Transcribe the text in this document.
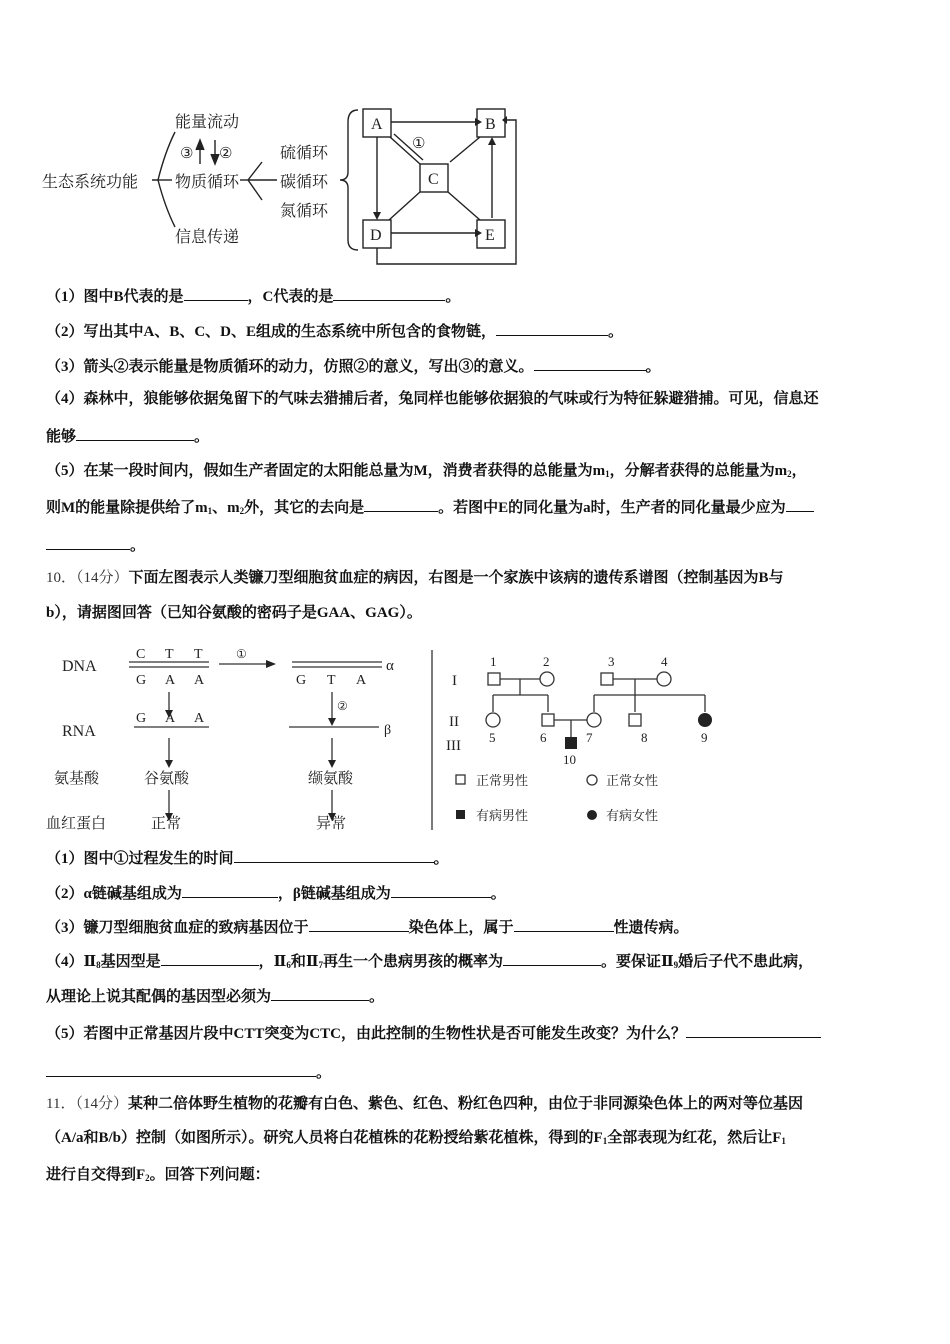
生态系统功能
能量流动
物质循环
信息传递
③ ②	硫循环
碳循环
氮循环
A	B
C
D	E
①
（1）图中B代表的是	，C代表的是	。
（2）写出其中A、B、C、D、E组成的生态系统中所包含的食物链，	。
（3）箭头②表示能量是物质循环的动力，仿照②的意义，写出③的意义。	。
（4）森林中，狼能够依据兔留下的气味去猎捕后者，兔同样也能够依据狼的气味或行为特征躲避猎捕。可见，信息还
能够	。
（5）在某一段时间内，假如生产者固定的太阳能总量为M，消费者获得的总能量为$m_1$，分解者获得的总能量为$m_2$，
则M的能量除提供给了$m_1$、$m_2$外，其它的去向是	。若图中E的同化量为a时，生产者的同化量最少应为
。
10．（14分）下面左图表示人类镰刀型细胞贫血症的病因，右图是一个家族中该病的遗传系谱图（控制基因为B与
b），请据图回答（已知谷氨酸的密码子是GAA、GAG）。
DNA
RNA
氨基酸
血红蛋白
C T T
G A A
G A A
G T A
①
②
α
β
谷氨酸	缬氨酸
正常	异常
I
II
III
1	2	3	4
5	6	7	8	9
10
正常男性	正常女性
有病男性	有病女性
（1）图中①过程发生的时间	。
（2）α链碱基组成为	，β链碱基组成为	。
（3）镰刀型细胞贫血症的致病基因位于	染色体上，属于	性遗传病。
$(4)Ⅱ_8$基因型是	，$Ⅱ_6$和$Ⅱ_7$再生一个患病男孩的概率为	。要保证$Ⅱ_9$婚后子代不患此病，
从理论上说其配偶的基因型必须为	。
（5）若图中正常基因片段中CTT突变为CTC，由此控制的生物性状是否可能发生改变？为什么？
。
11．（14分）某种二倍体野生植物的花瓣有白色、紫色、红色、粉红色四种，由位于非同源染色体上的两对等位基因
（A/a和B/b）控制（如图所示）。研究人员将白花植株的花粉授给紫花植株，得到的$F_1$全部表现为红花，然后让$F_1$
进行自交得到$F_2$。回答下列问题：
